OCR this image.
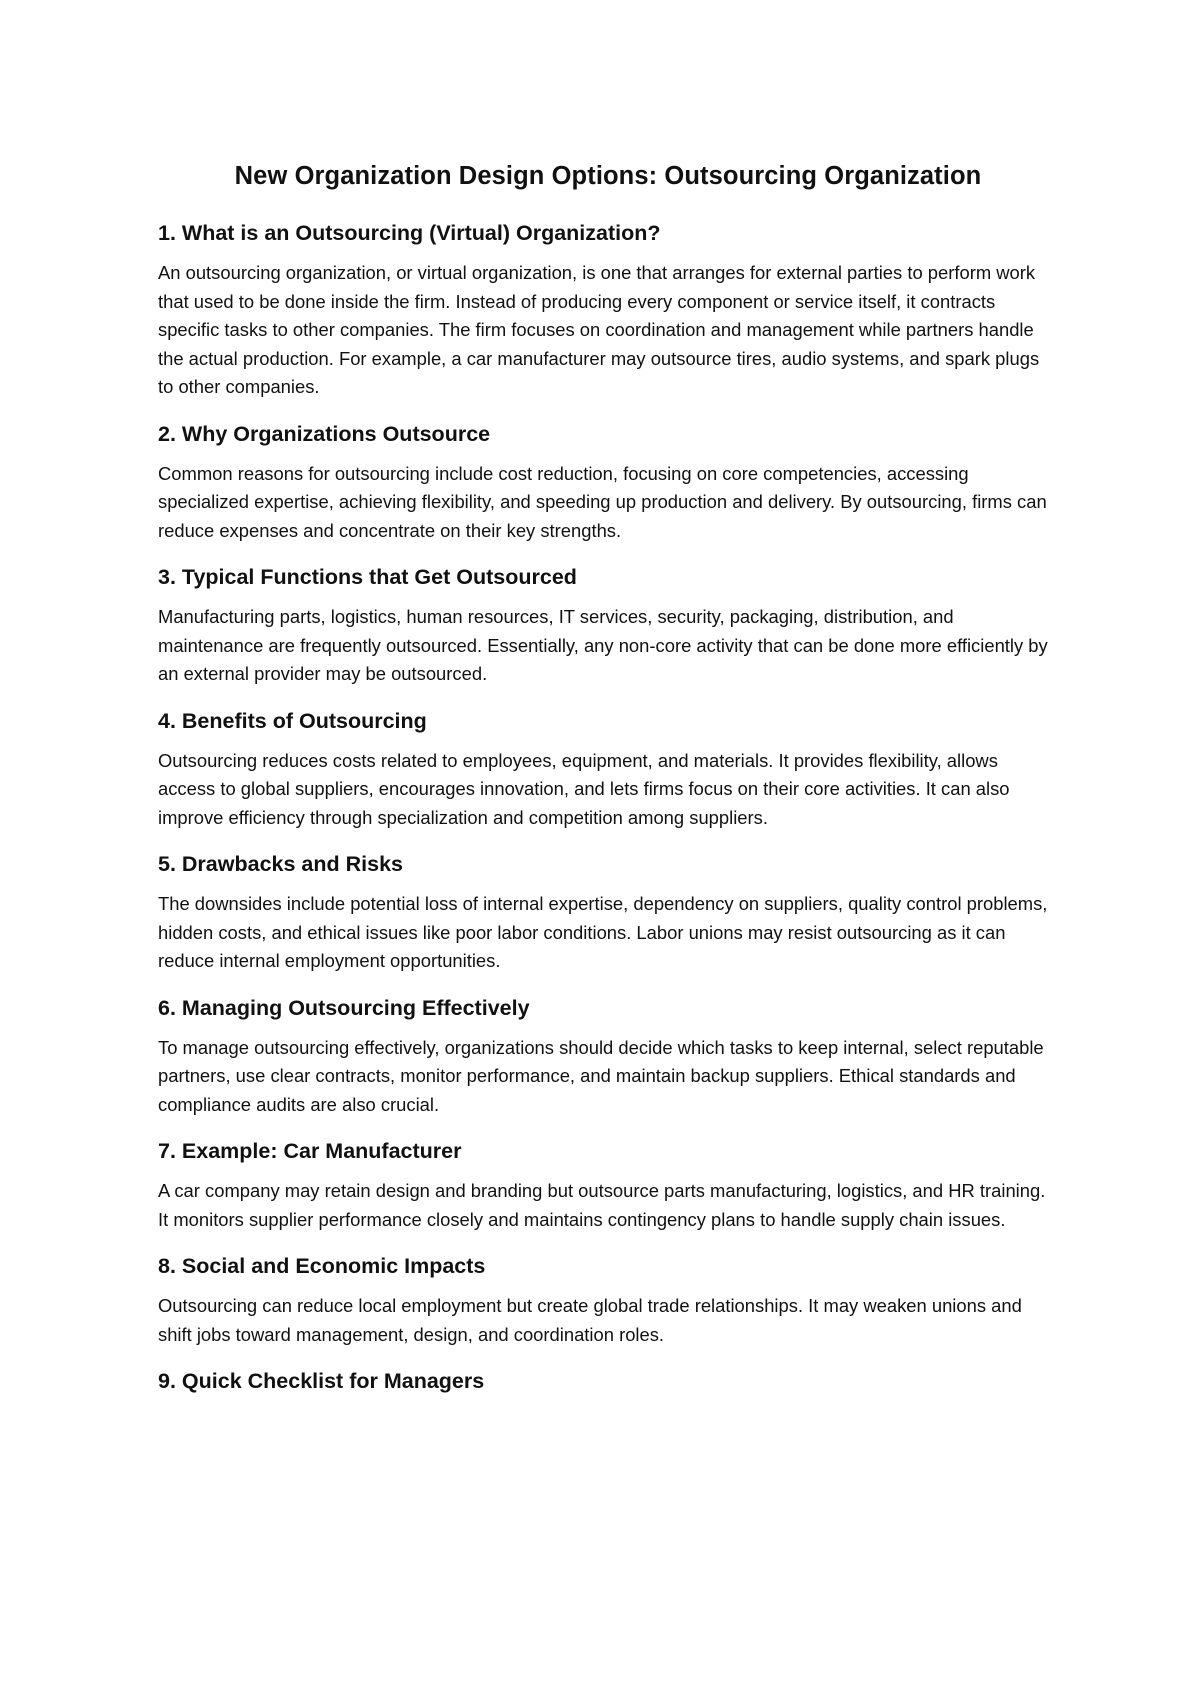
New Organization Design Options: Outsourcing Organization
1. What is an Outsourcing (Virtual) Organization?

An outsourcing organization, or virtual organization, is one that arranges for external parties to perform work that used to be done inside the firm. Instead of producing every component or service itself, it contracts specific tasks to other companies. The firm focuses on coordination and management while partners handle the actual production. For example, a car manufacturer may outsource tires, audio systems, and spark plugs to other companies.

2. Why Organizations Outsource

Common reasons for outsourcing include cost reduction, focusing on core competencies, accessing specialized expertise, achieving flexibility, and speeding up production and delivery. By outsourcing, firms can reduce expenses and concentrate on their key strengths.

3. Typical Functions that Get Outsourced

Manufacturing parts, logistics, human resources, IT services, security, packaging, distribution, and maintenance are frequently outsourced. Essentially, any non-core activity that can be done more efficiently by an external provider may be outsourced.

4. Benefits of Outsourcing

Outsourcing reduces costs related to employees, equipment, and materials. It provides flexibility, allows access to global suppliers, encourages innovation, and lets firms focus on their core activities. It can also improve efficiency through specialization and competition among suppliers.

5. Drawbacks and Risks

The downsides include potential loss of internal expertise, dependency on suppliers, quality control problems, hidden costs, and ethical issues like poor labor conditions. Labor unions may resist outsourcing as it can reduce internal employment opportunities.

6. Managing Outsourcing Effectively

To manage outsourcing effectively, organizations should decide which tasks to keep internal, select reputable partners, use clear contracts, monitor performance, and maintain backup suppliers. Ethical standards and compliance audits are also crucial.

7. Example: Car Manufacturer

A car company may retain design and branding but outsource parts manufacturing, logistics, and HR training. It monitors supplier performance closely and maintains contingency plans to handle supply chain issues.

8. Social and Economic Impacts

Outsourcing can reduce local employment but create global trade relationships. It may weaken unions and shift jobs toward management, design, and coordination roles.

9. Quick Checklist for Managers
